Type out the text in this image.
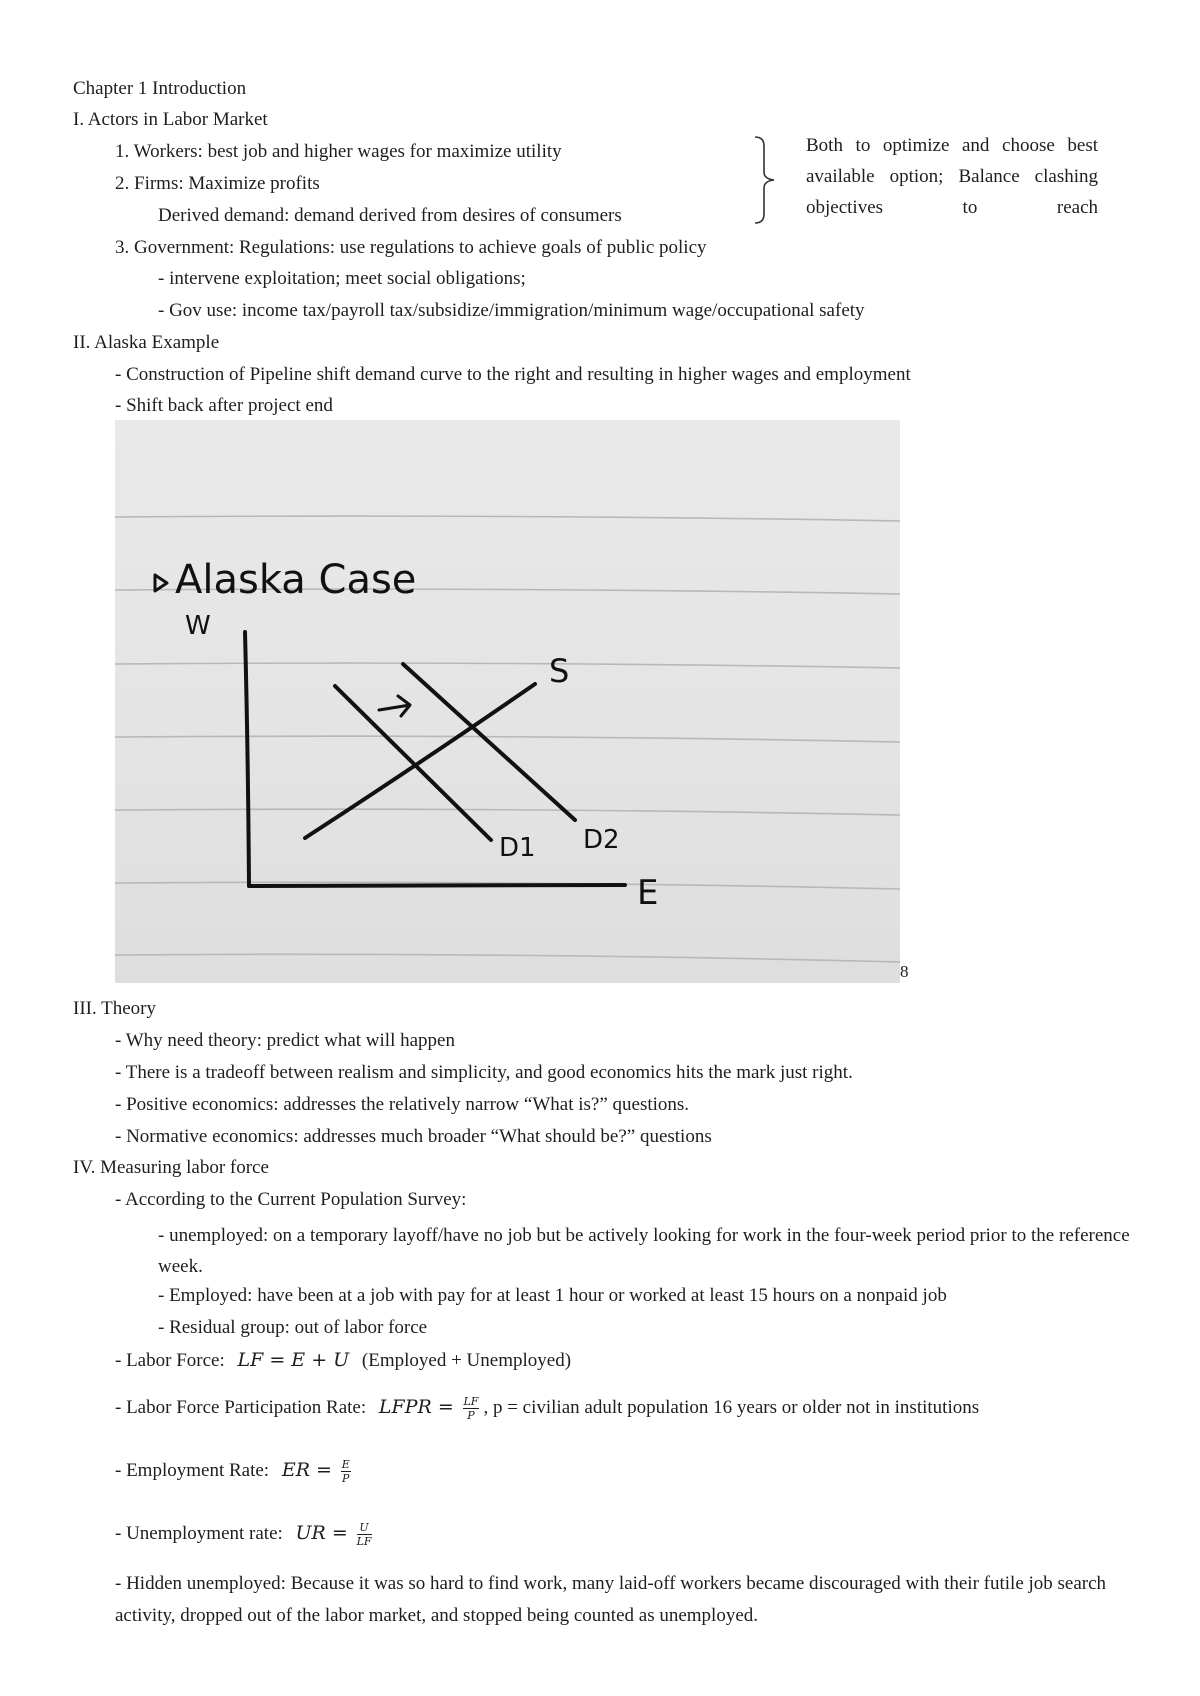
Chapter 1 Introduction
I. Actors in Labor Market
1. Workers: best job and higher wages for maximize utility
2. Firms: Maximize profits
Derived demand: demand derived from desires of consumers
3. Government: Regulations: use regulations to achieve goals of public policy
- intervene exploitation; meet social obligations;
- Gov use: income tax/payroll tax/subsidize/immigration/minimum wage/occupational safety
Both to optimize and choose best available option; Balance clashing objectives to reach
II. Alaska Example
- Construction of Pipeline shift demand curve to the right and resulting in higher wages and employment
- Shift back after project end
Alaska Case
W
E
S
D1 D2
8
III. Theory
- Why need theory: predict what will happen
- There is a tradeoff between realism and simplicity, and good economics hits the mark just right.
- Positive economics: addresses the relatively narrow “What is?” questions.
- Normative economics: addresses much broader “What should be?” questions
IV. Measuring labor force
- According to the Current Population Survey:
- unemployed: on a temporary layoff/have no job but be actively looking for work in the four-week period prior to the reference week.
- Employed: have been at a job with pay for at least 1 hour or worked at least 15 hours on a nonpaid job
- Residual group: out of labor force
- Labor Force: LF = E + U (Employed + Unemployed)
- Labor Force Participation Rate: LFPR = $\frac{LF}{P}$ , p = civilian adult population 16 years or older not in institutions
- Employment Rate: ER = $\frac{E}{P}$
- Unemployment rate: UR = $\frac{U}{LF}$
- Hidden unemployed: Because it was so hard to find work, many laid-off workers became discouraged with their futile job search activity, dropped out of the labor market, and stopped being counted as unemployed.
